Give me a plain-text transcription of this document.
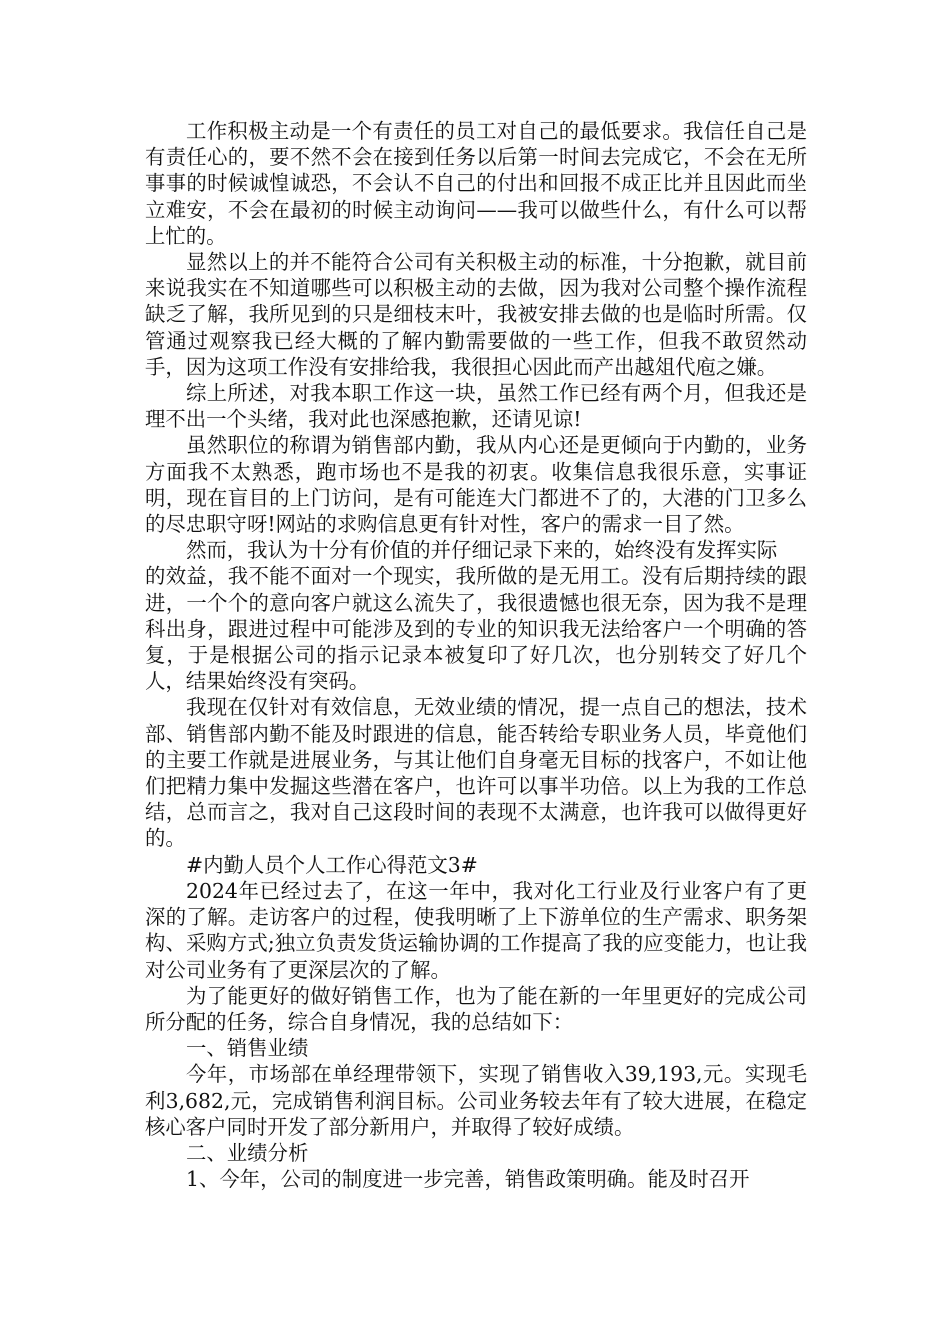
工作积极主动是一个有责任的员工对自己的最低要求。我信任自己是有责任心的，要不然不会在接到任务以后第一时间去完成它，不会在无所事事的时候诚惶诚恐，不会认不自己的付出和回报不成正比并且因此而坐立难安，不会在最初的时候主动询问——我可以做些什么，有什么可以帮上忙的。

显然以上的并不能符合公司有关积极主动的标准，十分抱歉，就目前来说我实在不知道哪些可以积极主动的去做，因为我对公司整个操作流程缺乏了解，我所见到的只是细枝末叶，我被安排去做的也是临时所需。仅管通过观察我已经大概的了解内勤需要做的一些工作，但我不敢贸然动手，因为这项工作没有安排给我，我很担心因此而产出越俎代庖之嫌。

综上所述，对我本职工作这一块，虽然工作已经有两个月，但我还是理不出一个头绪，我对此也深感抱歉，还请见谅!

虽然职位的称谓为销售部内勤，我从内心还是更倾向于内勤的，业务方面我不太熟悉，跑市场也不是我的初衷。收集信息我很乐意，实事证明，现在盲目的上门访问，是有可能连大门都进不了的，大港的门卫多么的尽忠职守呀!网站的求购信息更有针对性，客户的需求一目了然。

然而，我认为十分有价值的并仔细记录下来的，始终没有发挥实际

的效益，我不能不面对一个现实，我所做的是无用工。没有后期持续的跟进，一个个的意向客户就这么流失了，我很遗憾也很无奈，因为我不是理科出身，跟进过程中可能涉及到的专业的知识我无法给客户一个明确的答复，于是根据公司的指示记录本被复印了好几次，也分别转交了好几个人，结果始终没有突码。

我现在仅针对有效信息，无效业绩的情况，提一点自己的想法，技术部、销售部内勤不能及时跟进的信息，能否转给专职业务人员，毕竟他们的主要工作就是进展业务，与其让他们自身毫无目标的找客户，不如让他们把精力集中发掘这些潜在客户，也许可以事半功倍。以上为我的工作总结，总而言之，我对自己这段时间的表现不太满意，也许我可以做得更好的。

#内勤人员个人工作心得范文3#

2024年已经过去了，在这一年中，我对化工行业及行业客户有了更深的了解。走访客户的过程，使我明晰了上下游单位的生产需求、职务架构、采购方式;独立负责发货运输协调的工作提高了我的应变能力，也让我对公司业务有了更深层次的了解。

为了能更好的做好销售工作，也为了能在新的一年里更好的完成公司所分配的任务，综合自身情况，我的总结如下：

一、销售业绩

今年，市场部在单经理带领下，实现了销售收入39,193,元。实现毛利3,682,元，完成销售利润目标。公司业务较去年有了较大进展，在稳定核心客户同时开发了部分新用户，并取得了较好成绩。

二、业绩分析

1、今年，公司的制度进一步完善，销售政策明确。能及时召开
